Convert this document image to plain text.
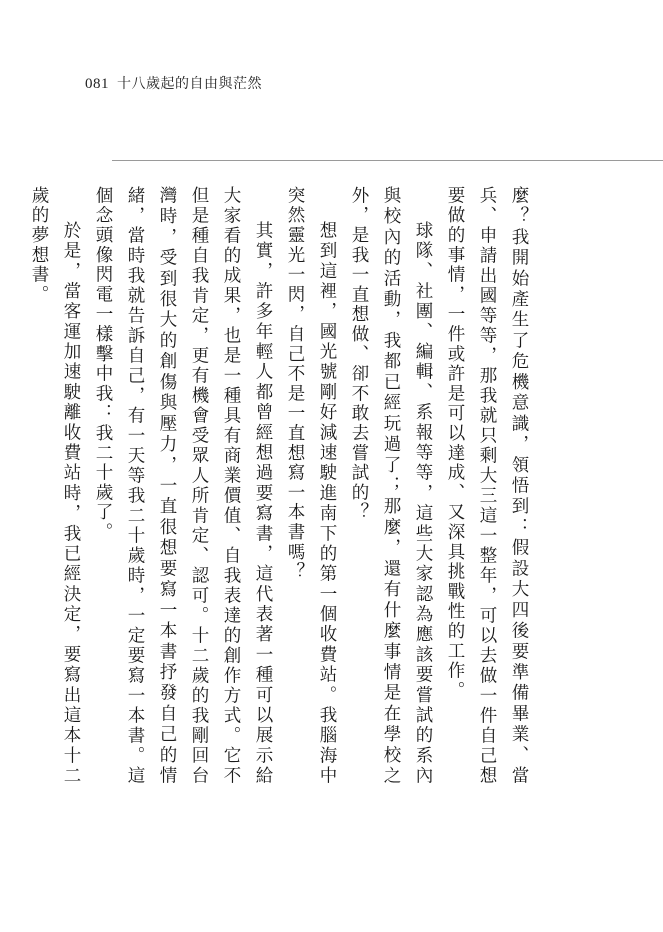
081 十八歲起的自由與茫然

麼？我開始產生了危機意識，領悟到：假設大四後要準備畢業、當兵、申請出國等等，那我就只剩大三這一整年，可以去做一件自己想要做的事情，一件或許是可以達成、又深具挑戰性的工作。

球隊、社團、編輯、系報等等，這些大家認為應該要嘗試的系內與校內的活動，我都已經玩過了；那麼，還有什麼事情是在學校之外，是我一直想做、卻不敢去嘗試的？

想到這裡，國光號剛好減速駛進南下的第一個收費站。我腦海中突然靈光一閃，自己不是一直想寫一本書嗎？

其實，許多年輕人都曾經想過要寫書，這代表著一種可以展示給大家看的成果，也是一種具有商業價值、自我表達的創作方式。它不但是種自我肯定，更有機會受眾人所肯定、認可。十二歲的我剛回台灣時，受到很大的創傷與壓力，一直很想要寫一本書抒發自己的情緒，當時我就告訴自己，有一天等我二十歲時，一定要寫一本書。這個念頭像閃電一樣擊中我：我二十歲了。

於是，當客運加速駛離收費站時，我已經決定，要寫出這本十二歲的夢想書。
